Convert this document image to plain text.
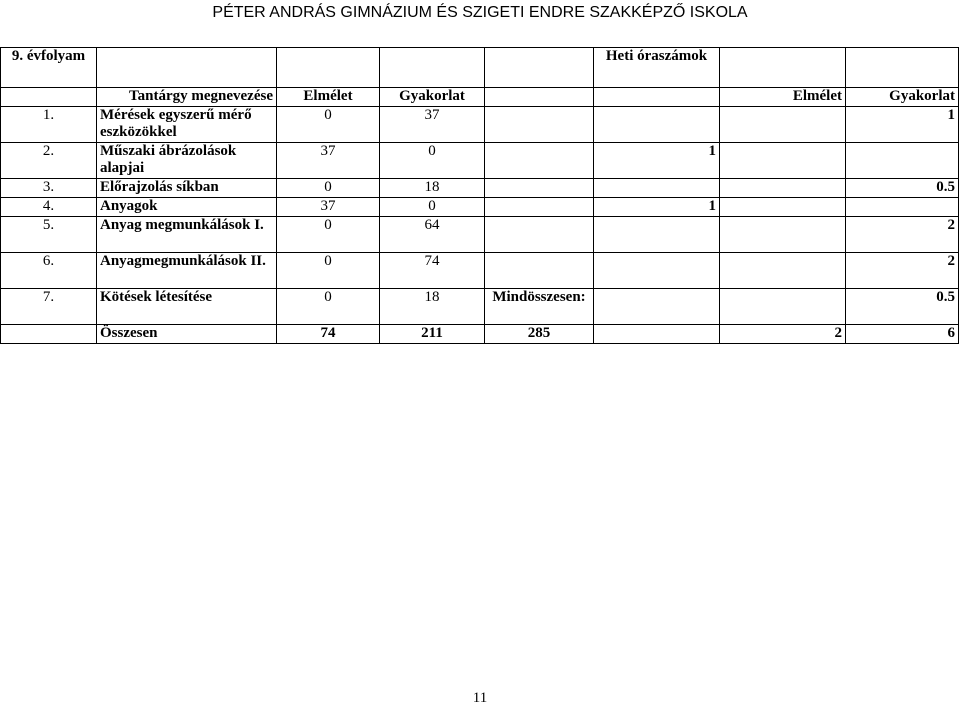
PÉTER ANDRÁS GIMNÁZIUM ÉS SZIGETI ENDRE SZAKKÉPZŐ ISKOLA
9. évfolyam					Heti óraszámok		
	Tantárgy megnevezése	Elmélet	Gyakorlat			Elmélet	Gyakorlat
1.	Mérések egyszerű mérő eszközökkel	0	37				1
2.	Műszaki ábrázolások alapjai	37	0		1		
3.	Előrajzolás síkban	0	18				0.5
4.	Anyagok	37	0		1		
5.	Anyag megmunkálások I.	0	64				2
6.	Anyagmegmunkálások II.	0	74				2
7.	Kötések létesítése	0	18	Mindösszesen:			0.5
	Összesen	74	211	285		2	6
11
